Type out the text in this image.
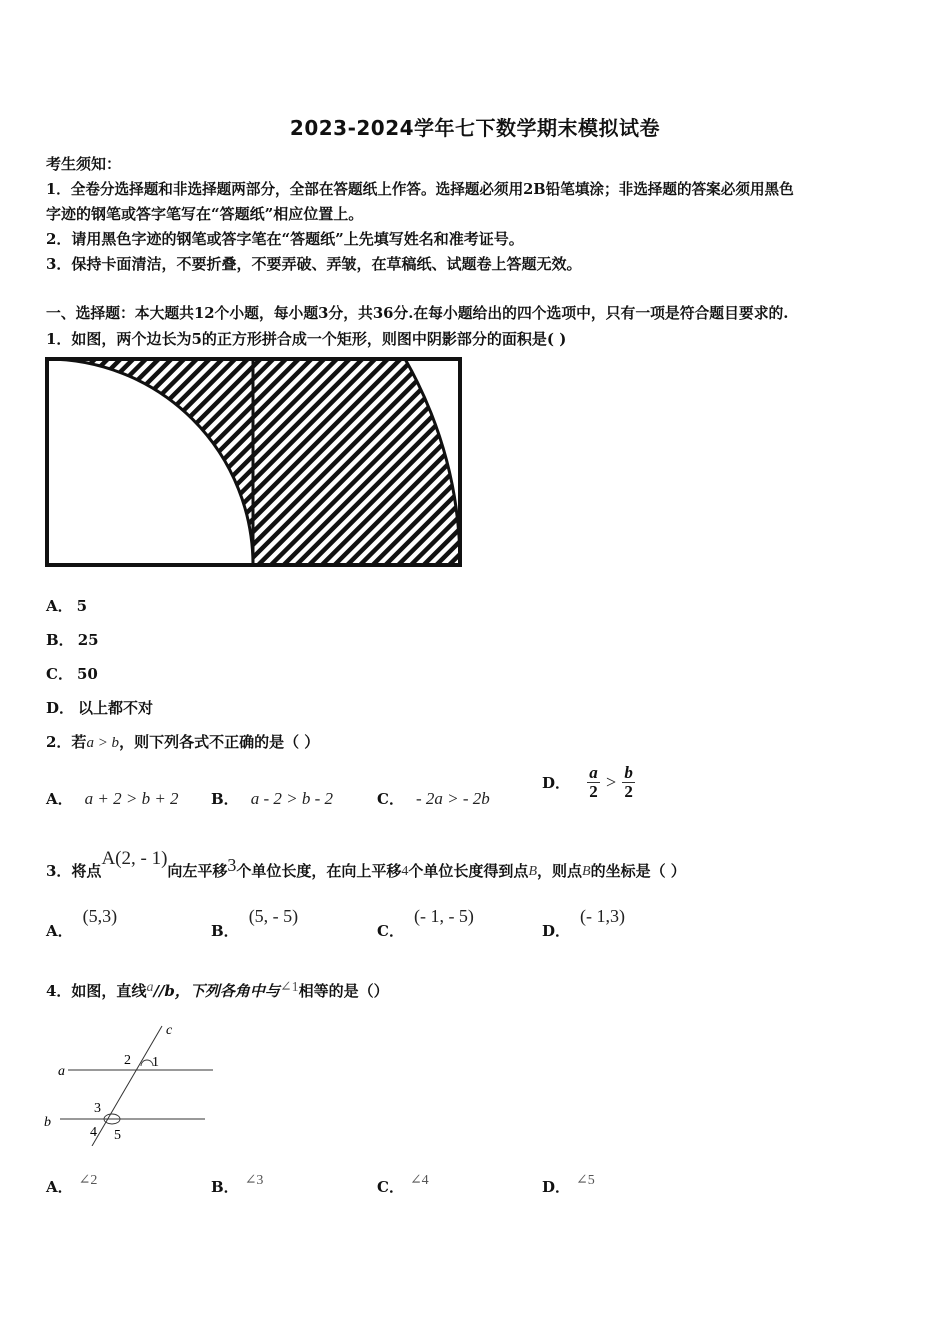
2023-2024学年七下数学期末模拟试卷
考生须知：
1．全卷分选择题和非选择题两部分，全部在答题纸上作答。选择题必须用2B铅笔填涂；非选择题的答案必须用黑色
字迹的钢笔或答字笔写在“答题纸”相应位置上。
2．请用黑色字迹的钢笔或答字笔在“答题纸”上先填写姓名和准考证号。
3．保持卡面清洁，不要折叠，不要弄破、弄皱，在草稿纸、试题卷上答题无效。
一、选择题：本大题共12个小题，每小题3分，共36分.在每小题给出的四个选项中，只有一项是符合题目要求的.
1．如图，两个边长为5的正方形拼合成一个矩形，则图中阴影部分的面积是( )
A． 5
B． 25
C． 50
D． 以上都不对
2．若a > b，则下列各式不正确的是（ ）
A． a + 2 > b + 2 B． a - 2 > b - 2	C． - 2a > - 2b
D． $\frac{a}{2} > \frac{b}{2}$
3．将点A(2, - 1)向左平移3个单位长度，在向上平移4个单位长度得到点B，则点B的坐标是（ ）
A．(5,3)
B．(5, - 5)
C．(- 1, - 5)
D．(- 1,3)
4．如图，直线a//b，下列各角中与∠1相等的是（）
c
a
b
2 1
3
4 5
A． ∠2	B． ∠3	C． ∠4	D． ∠5
